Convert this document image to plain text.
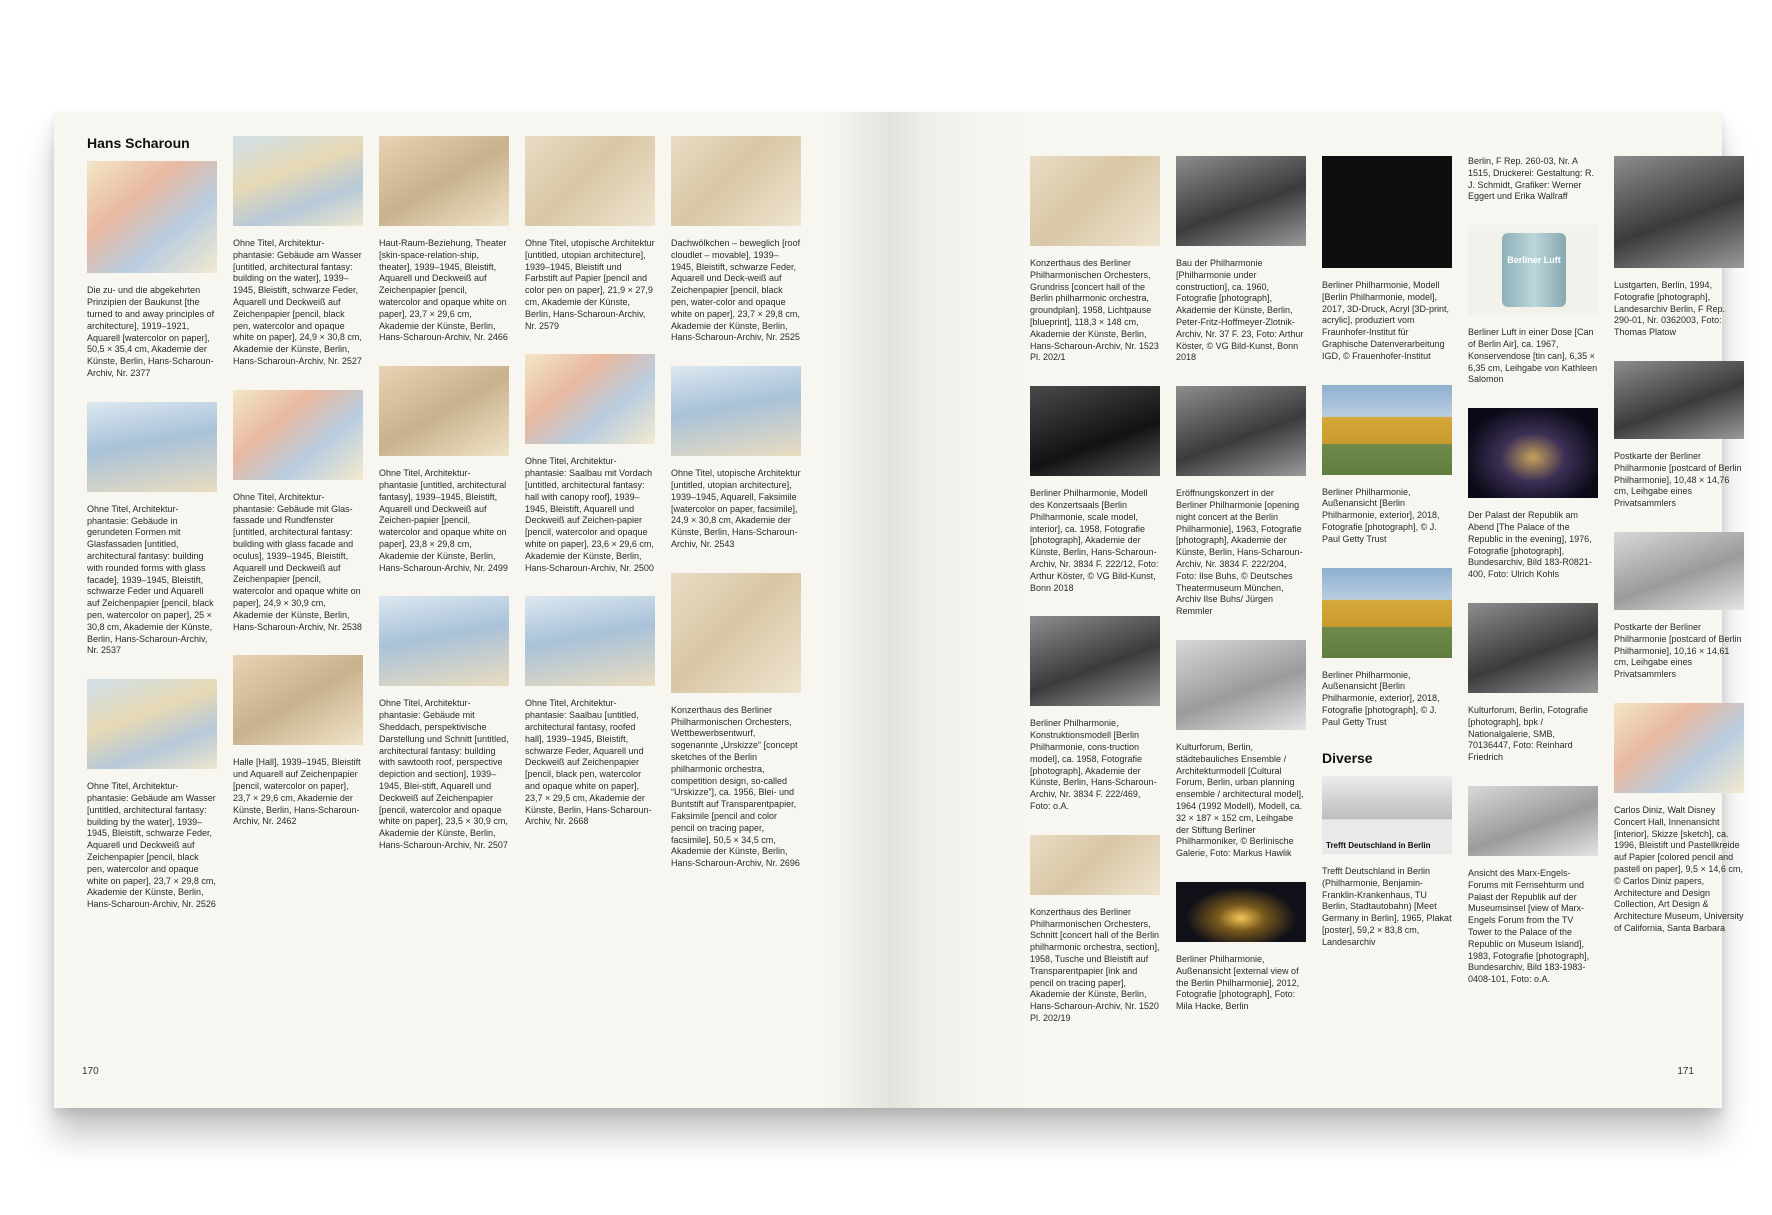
170
Hans Scharoun

Die zu- und die abgekehrten Prinzipien der Baukunst [the turned to and away principles of architecture], 1919–1921, Aquarell [watercolor on paper], 50,5 × 35,4 cm, Akademie der Künste, Berlin, Hans-Scharoun-Archiv, Nr. 2377

Ohne Titel, Architektur-phantasie: Gebäude in gerundeten Formen mit Glasfassaden [untitled, architectural fantasy: building with rounded forms with glass facade], 1939–1945, Bleistift, schwarze Feder und Aquarell auf Zeichenpapier [pencil, black pen, watercolor on paper], 25 × 30,8 cm, Akademie der Künste, Berlin, Hans-Scharoun-Archiv, Nr. 2537

Ohne Titel, Architektur-phantasie: Gebäude am Wasser [untitled, architectural fantasy: building by the water], 1939–1945, Bleistift, schwarze Feder, Aquarell und Deckweiß auf Zeichenpapier [pencil, black pen, watercolor and opaque white on paper], 23,7 × 29,8 cm, Akademie der Künste, Berlin, Hans-Scharoun-Archiv, Nr. 2526

Ohne Titel, Architektur-phantasie: Gebäude am Wasser [untitled, architectural fantasy: building on the water], 1939–1945, Bleistift, schwarze Feder, Aquarell und Deckweiß auf Zeichenpapier [pencil, black pen, watercolor and opaque white on paper], 24,9 × 30,8 cm, Akademie der Künste, Berlin, Hans-Scharoun-Archiv, Nr. 2527

Ohne Titel, Architektur-phantasie: Gebäude mit Glas-fassade und Rundfenster [untitled, architectural fantasy: building with glass facade and oculus], 1939–1945, Bleistift, Aquarell und Deckweiß auf Zeichenpapier [pencil, watercolor and opaque white on paper], 24,9 × 30,9 cm, Akademie der Künste, Berlin, Hans-Scharoun-Archiv, Nr. 2538

Halle [Hall], 1939–1945, Bleistift und Aquarell auf Zeichenpapier [pencil, watercolor on paper], 23,7 × 29,6 cm, Akademie der Künste, Berlin, Hans-Scharoun-Archiv, Nr. 2462

Haut-Raum-Beziehung, Theater [skin-space-relation-ship, theater], 1939–1945, Bleistift, Aquarell und Deckweiß auf Zeichenpapier [pencil, watercolor and opaque white on paper], 23,7 × 29,6 cm, Akademie der Künste, Berlin, Hans-Scharoun-Archiv, Nr. 2466

Ohne Titel, Architektur-phantasie [untitled, architectural fantasy], 1939–1945, Bleistift, Aquarell und Deckweiß auf Zeichen-papier [pencil, watercolor and opaque white on paper], 23,8 × 29,8 cm, Akademie der Künste, Berlin, Hans-Scharoun-Archiv, Nr. 2499

Ohne Titel, Architektur-phantasie: Gebäude mit Sheddach, perspektivische Darstellung und Schnitt [untitled, architectural fantasy: building with sawtooth roof, perspective depiction and section], 1939–1945, Blei-stift, Aquarell und Deckweiß auf Zeichenpapier [pencil, watercolor and opaque white on paper], 23,5 × 30,9 cm, Akademie der Künste, Berlin, Hans-Scharoun-Archiv, Nr. 2507

Ohne Titel, utopische Architektur [untitled, utopian architecture], 1939–1945, Bleistift und Farbstift auf Papier [pencil and color pen on paper], 21,9 × 27,9 cm, Akademie der Künste, Berlin, Hans-Scharoun-Archiv, Nr. 2579

Ohne Titel, Architektur-phantasie: Saalbau mit Vordach [untitled, architectural fantasy: hall with canopy roof], 1939–1945, Bleistift, Aquarell und Deckweiß auf Zeichen-papier [pencil, watercolor and opaque white on paper], 23,6 × 29,6 cm, Akademie der Künste, Berlin, Hans-Scharoun-Archiv, Nr. 2500

Ohne Titel, Architektur-phantasie: Saalbau [untitled, architectural fantasy, roofed hall], 1939–1945, Bleistift, schwarze Feder, Aquarell und Deckweiß auf Zeichenpapier [pencil, black pen, watercolor and opaque white on paper], 23,7 × 29,5 cm, Akademie der Künste, Berlin, Hans-Scharoun-Archiv, Nr. 2668

Dachwölkchen – beweglich [roof cloudlet – movable], 1939–1945, Bleistift, schwarze Feder, Aquarell und Deck-weiß auf Zeichenpapier [pencil, black pen, water-color and opaque white on paper], 23,7 × 29,8 cm, Akademie der Künste, Berlin, Hans-Scharoun-Archiv, Nr. 2525

Ohne Titel, utopische Architektur [untitled, utopian architecture], 1939–1945, Aquarell, Faksimile [watercolor on paper, facsimile], 24,9 × 30,8 cm, Akademie der Künste, Berlin, Hans-Scharoun-Archiv, Nr. 2543

Konzerthaus des Berliner Philharmonischen Orchesters, Wettbewerbsentwurf, sogenannte „Urskizze“ [concept sketches of the Berlin philharmonic orchestra, competition design, so-called “Urskizze”], ca. 1956, Blei- und Buntstift auf Transparentpapier, Faksimile [pencil and color pencil on tracing paper, facsimile], 50,5 × 34,5 cm, Akademie der Künste, Berlin, Hans-Scharoun-Archiv, Nr. 2696

171

Konzerthaus des Berliner Philharmonischen Orchesters, Grundriss [concert hall of the Berlin philharmonic orchestra, groundplan], 1958, Lichtpause [blueprint], 118,3 × 148 cm, Akademie der Künste, Berlin, Hans-Scharoun-Archiv, Nr. 1523 Pl. 202/1

Berliner Philharmonie, Modell des Konzertsaals [Berlin Philharmonie, scale model, interior], ca. 1958, Fotografie [photograph], Akademie der Künste, Berlin, Hans-Scharoun-Archiv, Nr. 3834 F. 222/12, Foto: Arthur Köster, © VG Bild-Kunst, Bonn 2018

Berliner Philharmonie, Konstruktionsmodell [Berlin Philharmonie, cons-truction model], ca. 1958, Fotografie [photograph], Akademie der Künste, Berlin, Hans-Scharoun-Archiv, Nr. 3834 F. 222/469, Foto: o.A.

Konzerthaus des Berliner Philharmonischen Orchesters, Schnitt [concert hall of the Berlin philharmonic orchestra, section], 1958, Tusche und Bleistift auf Transparentpapier [ink and pencil on tracing paper], Akademie der Künste, Berlin, Hans-Scharoun-Archiv, Nr. 1520 Pl. 202/19

Bau der Philharmonie [Philharmonie under construction], ca. 1960, Fotografie [photograph], Akademie der Künste, Berlin, Peter-Fritz-Hoffmeyer-Zlotnik-Archiv, Nr. 37 F. 23, Foto: Arthur Köster, © VG Bild-Kunst, Bonn 2018

Eröffnungskonzert in der Berliner Philharmonie [opening night concert at the Berlin Philharmonie], 1963, Fotografie [photograph], Akademie der Künste, Berlin, Hans-Scharoun-Archiv, Nr. 3834 F. 222/204, Foto: Ilse Buhs, © Deutsches Theatermuseum München, Archiv Ilse Buhs/ Jürgen Remmler

Kulturforum, Berlin, städtebauliches Ensemble / Architekturmodell [Cultural Forum, Berlin, urban planning ensemble / architectural model], 1964 (1992 Modell), Modell, ca. 32 × 187 × 152 cm, Leihgabe der Stiftung Berliner Philharmoniker, © Berlinische Galerie, Foto: Markus Hawlik

Berliner Philharmonie, Außenansicht [external view of the Berlin Philharmonie], 2012, Fotografie [photograph], Foto: Mila Hacke, Berlin

Berliner Philharmonie, Modell [Berlin Philharmonie, model], 2017, 3D-Druck, Acryl [3D-print, acrylic], produziert vom Fraunhofer-Institut für Graphische Datenverarbeitung IGD, © Frauenhofer-Institut

Berliner Philharmonie, Außenansicht [Berlin Philharmonie, exterior], 2018, Fotografie [photograph], © J. Paul Getty Trust

Berliner Philharmonie, Außenansicht [Berlin Philharmonie, exterior], 2018, Fotografie [photograph], © J. Paul Getty Trust

Diverse
Trefft Deutschland in Berlin

Trefft Deutschland in Berlin (Philharmonie, Benjamin-Franklin-Krankenhaus, TU Berlin, Stadtautobahn) [Meet Germany in Berlin], 1965, Plakat [poster], 59,2 × 83,8 cm, Landesarchiv

Berlin, F Rep. 260-03, Nr. A 1515, Druckerei: Gestaltung: R. J. Schmidt, Grafiker: Werner Eggert und Erika Wallraff

Berliner Luft

Berliner Luft in einer Dose [Can of Berlin Air], ca. 1967, Konservendose [tin can], 6,35 × 6,35 cm, Leihgabe von Kathleen Salomon

Der Palast der Republik am Abend [The Palace of the Republic in the evening], 1976, Fotografie [photograph], Bundesarchiv, Bild 183-R0821-400, Foto: Ulrich Kohls

Kulturforum, Berlin, Fotografie [photograph], bpk / Nationalgalerie, SMB, 70136447, Foto: Reinhard Friedrich

Ansicht des Marx-Engels-Forums mit Fernsehturm und Palast der Republik auf der Museumsinsel [view of Marx-Engels Forum from the TV Tower to the Palace of the Republic on Museum Island], 1983, Fotografie [photograph], Bundesarchiv, Bild 183-1983-0408-101, Foto: o.A.

Lustgarten, Berlin, 1994, Fotografie [photograph], Landesarchiv Berlin, F Rep. 290-01, Nr. 0362003, Foto: Thomas Platow

Postkarte der Berliner Philharmonie [postcard of Berlin Philharmonie], 10,48 × 14,76 cm, Leihgabe eines Privatsammlers

Postkarte der Berliner Philharmonie [postcard of Berlin Philharmonie], 10,16 × 14,61 cm, Leihgabe eines Privatsammlers

Carlos Diniz, Walt Disney Concert Hall, Innenansicht [interior], Skizze [sketch], ca. 1996, Bleistift und Pastellkreide auf Papier [colored pencil and pastell on paper], 9,5 × 14,6 cm, © Carlos Diniz papers, Architecture and Design Collection, Art Design & Architecture Museum, University of California, Santa Barbara
